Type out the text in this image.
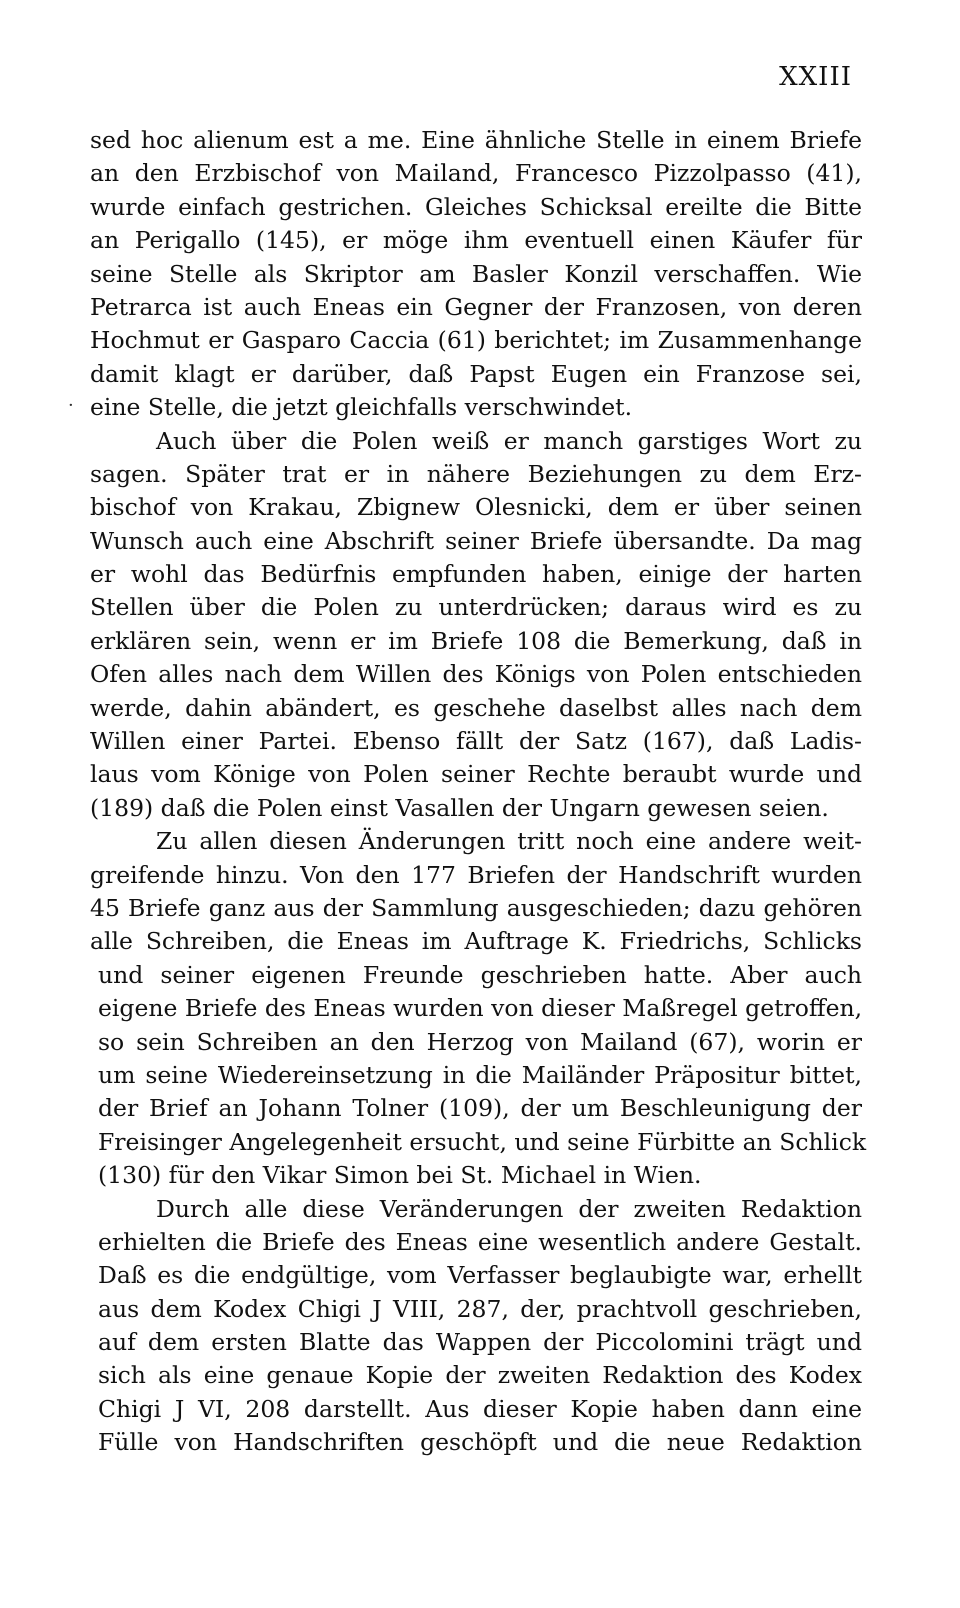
XXIII
·
sed hoc alienum est a me. Eine ähnliche Stelle in einem Briefe
an den Erzbischof von Mailand, Francesco Pizzolpasso (41),
wurde einfach gestrichen. Gleiches Schicksal ereilte die Bitte
an Perigallo (145), er möge ihm eventuell einen Käufer für
seine Stelle als Skriptor am Basler Konzil verschaffen. Wie
Petrarca ist auch Eneas ein Gegner der Franzosen, von deren
Hochmut er Gasparo Caccia (61) berichtet; im Zusammenhange
damit klagt er darüber, daß Papst Eugen ein Franzose sei,
eine Stelle, die jetzt gleichfalls verschwindet.
Auch über die Polen weiß er manch garstiges Wort zu
sagen. Später trat er in nähere Beziehungen zu dem Erz-
bischof von Krakau, Zbignew Olesnicki, dem er über seinen
Wunsch auch eine Abschrift seiner Briefe übersandte. Da mag
er wohl das Bedürfnis empfunden haben, einige der harten
Stellen über die Polen zu unterdrücken; daraus wird es zu
erklären sein, wenn er im Briefe 108 die Bemerkung, daß in
Ofen alles nach dem Willen des Königs von Polen entschieden
werde, dahin abändert, es geschehe daselbst alles nach dem
Willen einer Partei. Ebenso fällt der Satz (167), daß Ladis-
laus vom Könige von Polen seiner Rechte beraubt wurde und
(189) daß die Polen einst Vasallen der Ungarn gewesen seien.
Zu allen diesen Änderungen tritt noch eine andere weit-
greifende hinzu. Von den 177 Briefen der Handschrift wurden
45 Briefe ganz aus der Sammlung ausgeschieden; dazu gehören
alle Schreiben, die Eneas im Auftrage K. Friedrichs, Schlicks
und seiner eigenen Freunde geschrieben hatte. Aber auch
eigene Briefe des Eneas wurden von dieser Maßregel getroffen,
so sein Schreiben an den Herzog von Mailand (67), worin er
um seine Wiedereinsetzung in die Mailänder Präpositur bittet,
der Brief an Johann Tolner (109), der um Beschleunigung der
Freisinger Angelegenheit ersucht, und seine Fürbitte an Schlick
(130) für den Vikar Simon bei St. Michael in Wien.
Durch alle diese Veränderungen der zweiten Redaktion
erhielten die Briefe des Eneas eine wesentlich andere Gestalt.
Daß es die endgültige, vom Verfasser beglaubigte war, erhellt
aus dem Kodex Chigi J VIII, 287, der, prachtvoll geschrieben,
auf dem ersten Blatte das Wappen der Piccolomini trägt und
sich als eine genaue Kopie der zweiten Redaktion des Kodex
Chigi J VI, 208 darstellt. Aus dieser Kopie haben dann eine
Fülle von Handschriften geschöpft und die neue Redaktion
